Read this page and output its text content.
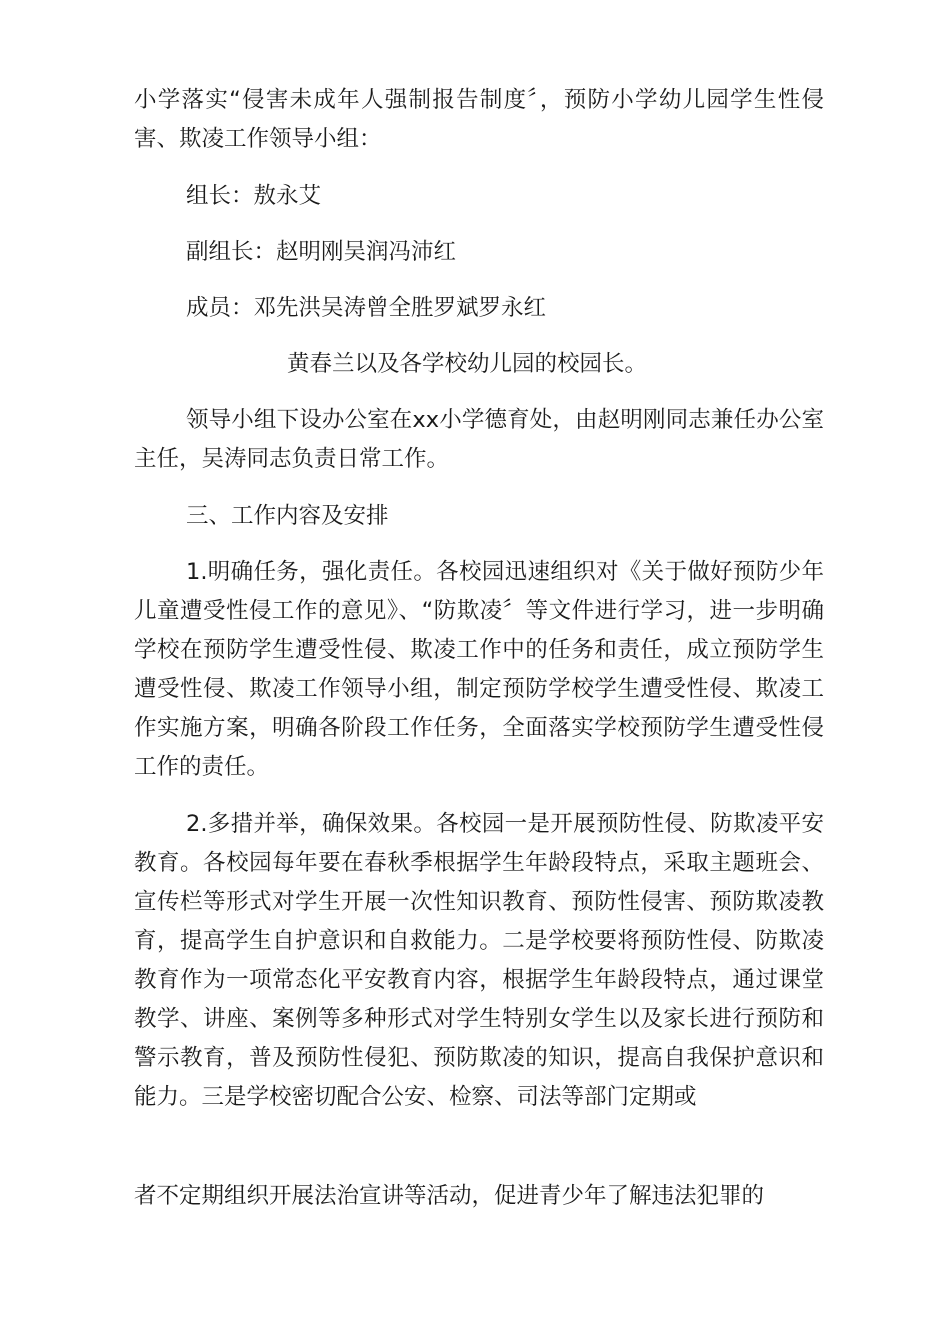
小学落实“侵害未成年人强制报告制度〞，预防小学幼儿园学生性侵害、欺凌工作领导小组：

组长：敖永艾

副组长：赵明刚吴润冯沛红

成员：邓先洪吴涛曾全胜罗斌罗永红

黄春兰以及各学校幼儿园的校园长。

领导小组下设办公室在xx小学德育处，由赵明刚同志兼任办公室主任，吴涛同志负责日常工作。

三、工作内容及安排

1.明确任务，强化责任。各校园迅速组织对《关于做好预防少年儿童遭受性侵工作的意见》、“防欺凌〞等文件进行学习，进一步明确学校在预防学生遭受性侵、欺凌工作中的任务和责任，成立预防学生遭受性侵、欺凌工作领导小组，制定预防学校学生遭受性侵、欺凌工作实施方案，明确各阶段工作任务，全面落实学校预防学生遭受性侵工作的责任。

2.多措并举，确保效果。各校园一是开展预防性侵、防欺凌平安教育。各校园每年要在春秋季根据学生年龄段特点，采取主题班会、宣传栏等形式对学生开展一次性知识教育、预防性侵害、预防欺凌教育，提高学生自护意识和自救能力。二是学校要将预防性侵、防欺凌教育作为一项常态化平安教育内容，根据学生年龄段特点，通过课堂教学、讲座、案例等多种形式对学生特别女学生以及家长进行预防和警示教育，普及预防性侵犯、预防欺凌的知识，提高自我保护意识和能力。三是学校密切配合公安、检察、司法等部门定期或

者不定期组织开展法治宣讲等活动，促进青少年了解违法犯罪的
